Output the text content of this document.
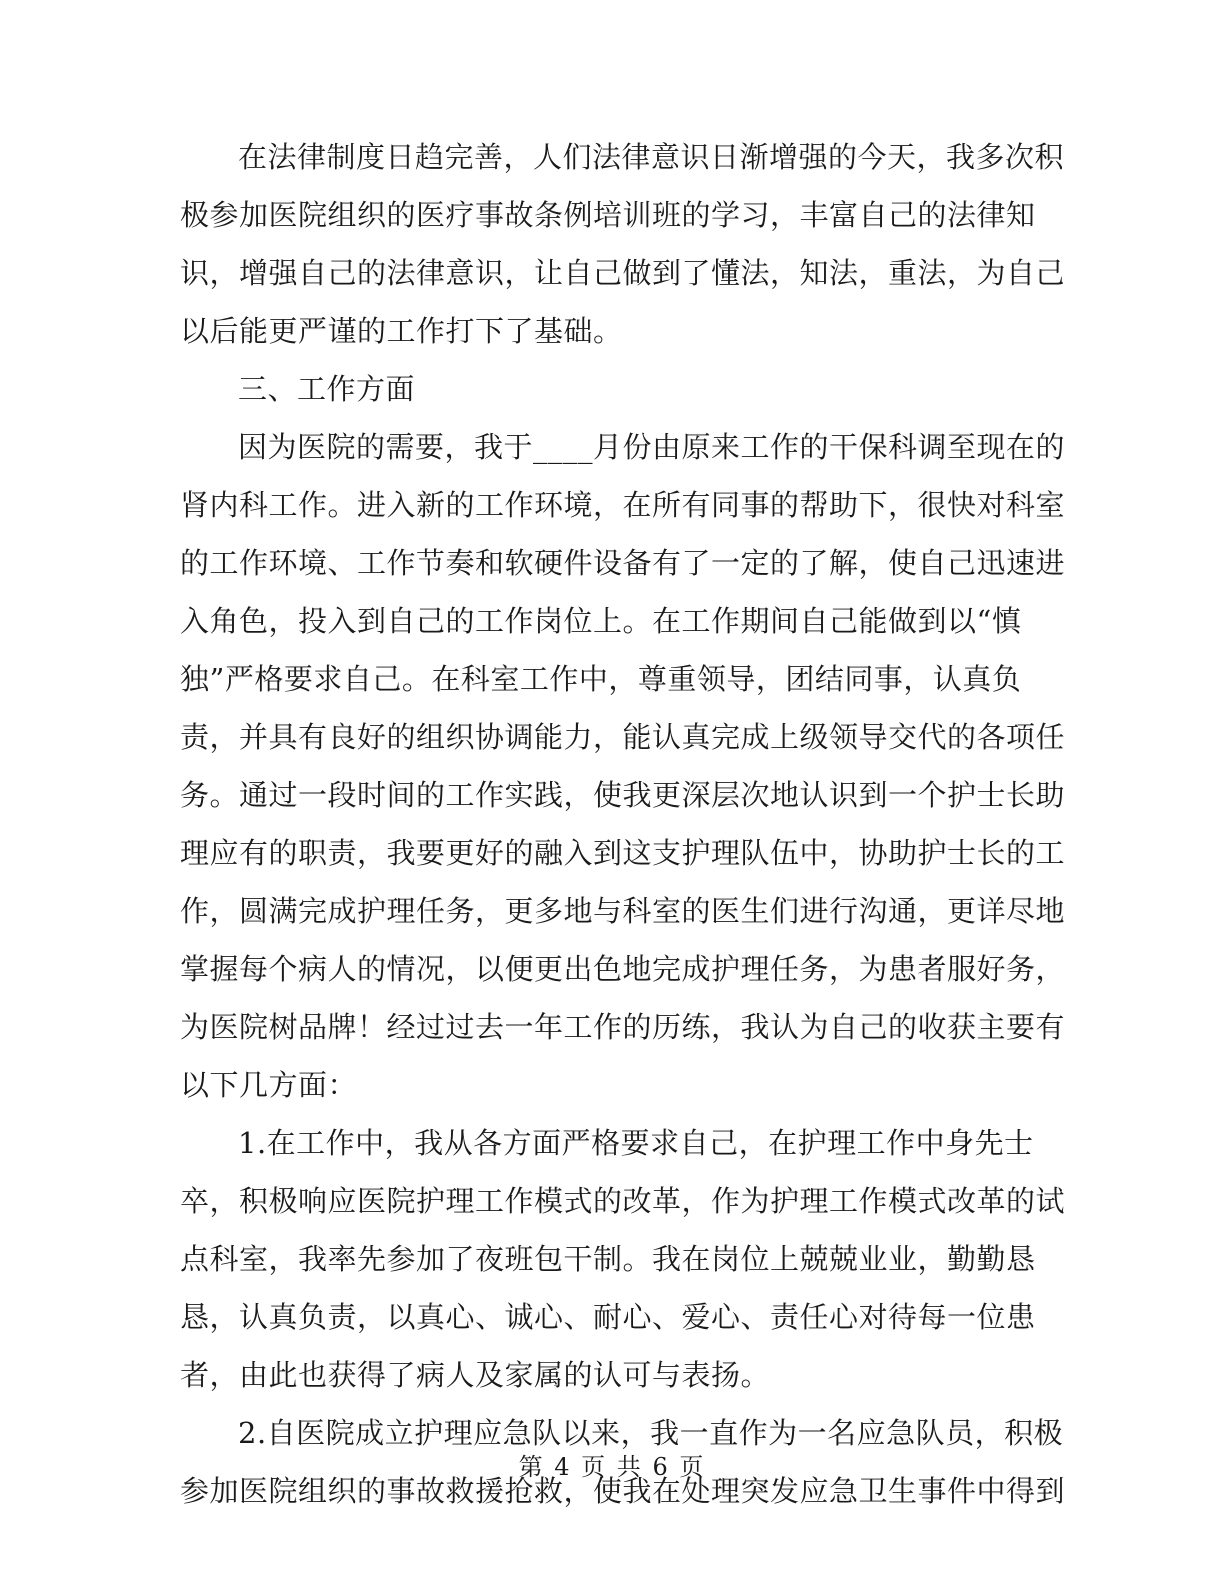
在法律制度日趋完善，人们法律意识日渐增强的今天，我多次积
极参加医院组织的医疗事故条例培训班的学习，丰富自己的法律知
识，增强自己的法律意识，让自己做到了懂法，知法，重法，为自己
以后能更严谨的工作打下了基础。
三、工作方面
因为医院的需要，我于____月份由原来工作的干保科调至现在的
肾内科工作。进入新的工作环境，在所有同事的帮助下，很快对科室
的工作环境、工作节奏和软硬件设备有了一定的了解，使自己迅速进
入角色，投入到自己的工作岗位上。在工作期间自己能做到以“慎
独”严格要求自己。在科室工作中，尊重领导，团结同事，认真负
责，并具有良好的组织协调能力，能认真完成上级领导交代的各项任
务。通过一段时间的工作实践，使我更深层次地认识到一个护士长助
理应有的职责，我要更好的融入到这支护理队伍中，协助护士长的工
作，圆满完成护理任务，更多地与科室的医生们进行沟通，更详尽地
掌握每个病人的情况，以便更出色地完成护理任务，为患者服好务，
为医院树品牌！经过过去一年工作的历练，我认为自己的收获主要有
以下几方面：
1.在工作中，我从各方面严格要求自己，在护理工作中身先士
卒，积极响应医院护理工作模式的改革，作为护理工作模式改革的试
点科室，我率先参加了夜班包干制。我在岗位上兢兢业业，勤勤恳
恳，认真负责，以真心、诚心、耐心、爱心、责任心对待每一位患
者，由此也获得了病人及家属的认可与表扬。
2.自医院成立护理应急队以来，我一直作为一名应急队员，积极
参加医院组织的事故救援抢救，使我在处理突发应急卫生事件中得到
第 4 页 共 6 页
